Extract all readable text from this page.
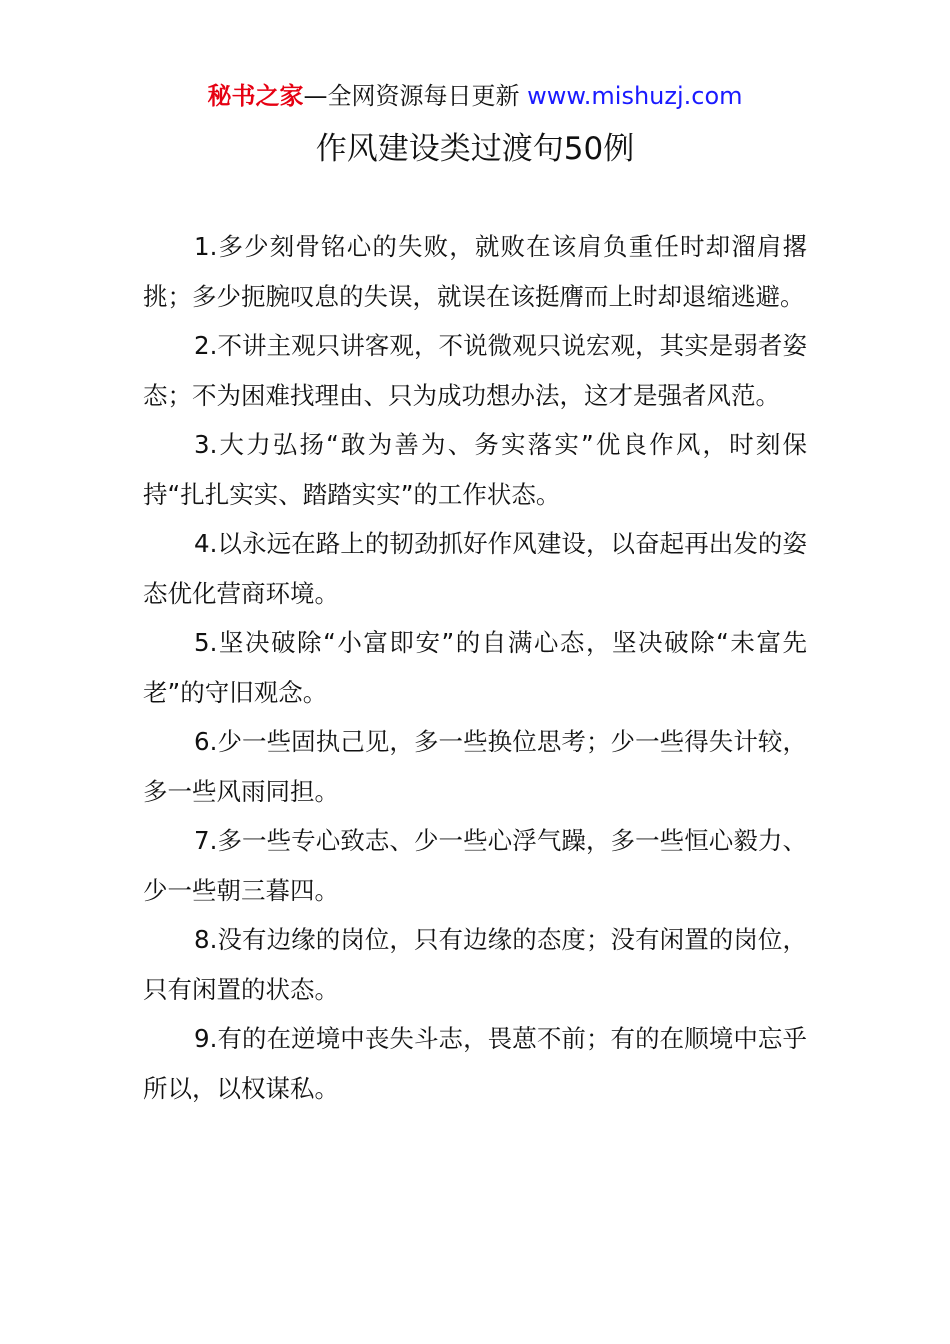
秘书之家—全网资源每日更新 www.mishuzj.com
作风建设类过渡句50例

1.多少刻骨铭心的失败，就败在该肩负重任时却溜肩撂挑；多少扼腕叹息的失误，就误在该挺膺而上时却退缩逃避。

2.不讲主观只讲客观，不说微观只说宏观，其实是弱者姿态；不为困难找理由、只为成功想办法，这才是强者风范。

3.大力弘扬“敢为善为、务实落实”优良作风，时刻保持“扎扎实实、踏踏实实”的工作状态。

4.以永远在路上的韧劲抓好作风建设，以奋起再出发的姿态优化营商环境。

5.坚决破除“小富即安”的自满心态，坚决破除“未富先老”的守旧观念。

6.少一些固执己见，多一些换位思考；少一些得失计较，多一些风雨同担。

7.多一些专心致志、少一些心浮气躁，多一些恒心毅力、少一些朝三暮四。

8.没有边缘的岗位，只有边缘的态度；没有闲置的岗位，只有闲置的状态。

9.有的在逆境中丧失斗志，畏葸不前；有的在顺境中忘乎所以，以权谋私。
